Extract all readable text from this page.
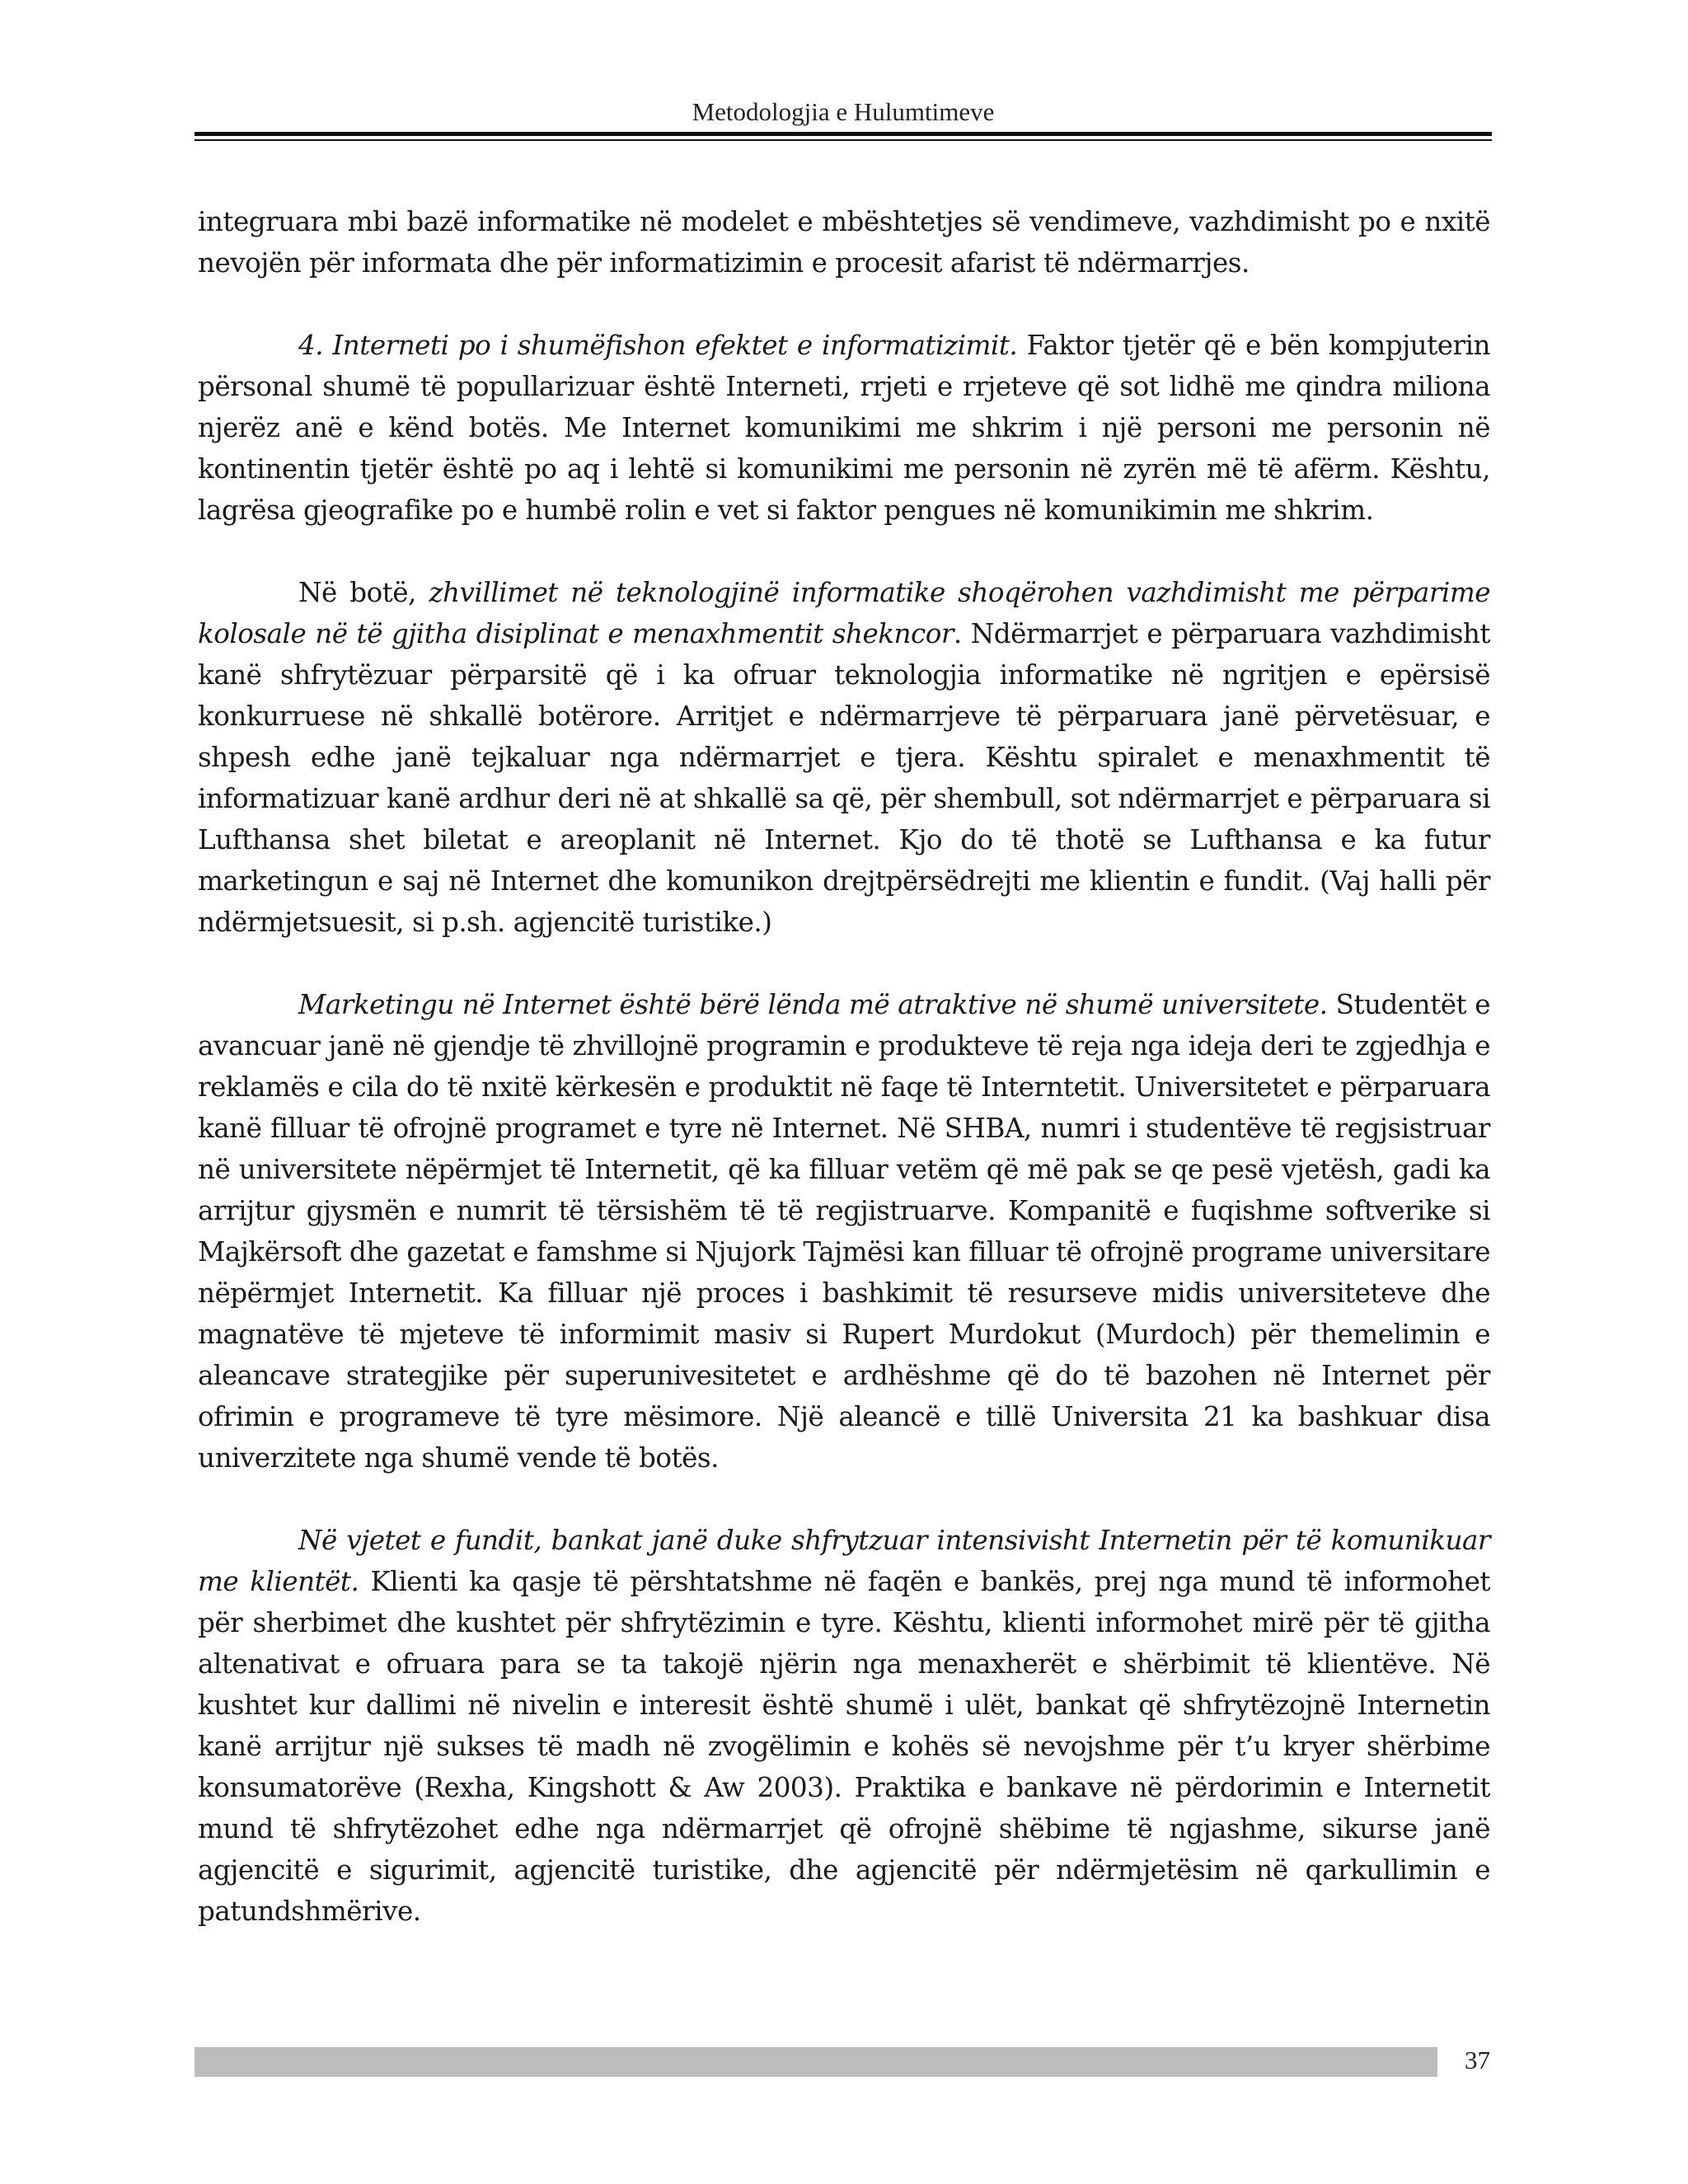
Metodologjia e Hulumtimeve

integruara mbi bazë informatike në modelet e mbështetjes së vendimeve, vazhdimisht po e nxitë nevojën për informata dhe për informatizimin e procesit afarist të ndërmarrjes.

4. Interneti po i shumëfishon efektet e informatizimit. Faktor tjetër që e bën kompjuterin përsonal shumë të popullarizuar është Interneti, rrjeti e rrjeteve që sot lidhë me qindra miliona njerëz anë e kënd botës. Me Internet komunikimi me shkrim i një personi me personin në kontinentin tjetër është po aq i lehtë si komunikimi me personin në zyrën më të afërm. Kështu, lagrësa gjeografike po e humbë rolin e vet si faktor pengues në komunikimin me shkrim.

Në botë, zhvillimet në teknologjinë informatike shoqërohen vazhdimisht me përparime kolosale në të gjitha disiplinat e menaxhmentit shekncor. Ndërmarrjet e përparuara vazhdimisht kanë shfrytëzuar përparsitë që i ka ofruar teknologjia informatike në ngritjen e epërsisë konkurruese në shkallë botërore. Arritjet e ndërmarrjeve të përparuara janë përvetësuar, e shpesh edhe janë tejkaluar nga ndërmarrjet e tjera. Kështu spiralet e menaxhmentit të informatizuar kanë ardhur deri në at shkallë sa që, për shembull, sot ndërmarrjet e përparuara si Lufthansa shet biletat e areoplanit në Internet. Kjo do të thotë se Lufthansa e ka futur marketingun e saj në Internet dhe komunikon drejtpërsëdrejti me klientin e fundit. (Vaj halli për ndërmjetsuesit, si p.sh. agjencitë turistike.)

Marketingu në Internet është bërë lënda më atraktive në shumë universitete. Studentët e avancuar janë në gjendje të zhvillojnë programin e produkteve të reja nga ideja deri te zgjedhja e reklamës e cila do të nxitë kërkesën e produktit në faqe të Interntetit. Universitetet e përparuara kanë filluar të ofrojnë programet e tyre në Internet. Në SHBA, numri i studentëve të regjsistruar në universitete nëpërmjet të Internetit, që ka filluar vetëm që më pak se qe pesë vjetësh, gadi ka arrijtur gjysmën e numrit të tërsishëm të të regjistruarve. Kompanitë e fuqishme softverike si Majkërsoft dhe gazetat e famshme si Njujork Tajmësi kan filluar të ofrojnë programe universitare nëpërmjet Internetit. Ka filluar një proces i bashkimit të resurseve midis universiteteve dhe magnatëve të mjeteve të informimit masiv si Rupert Murdokut (Murdoch) për themelimin e aleancave strategjike për superunivesitetet e ardhëshme që do të bazohen në Internet për ofrimin e programeve të tyre mësimore. Një aleancë e tillë Universita 21 ka bashkuar disa univerzitete nga shumë vende të botës.

Në vjetet e fundit, bankat janë duke shfrytzuar intensivisht Internetin për të komunikuar me klientët. Klienti ka qasje të përshtatshme në faqën e bankës, prej nga mund të informohet për sherbimet dhe kushtet për shfrytëzimin e tyre. Kështu, klienti informohet mirë për të gjitha altenativat e ofruara para se ta takojë njërin nga menaxherët e shërbimit të klientëve. Në kushtet kur dallimi në nivelin e interesit është shumë i ulët, bankat që shfrytëzojnë Internetin kanë arrijtur një sukses të madh në zvogëlimin e kohës së nevojshme për t’u kryer shërbime konsumatorëve (Rexha, Kingshott & Aw 2003). Praktika e bankave në përdorimin e Internetit mund të shfrytëzohet edhe nga ndërmarrjet që ofrojnë shëbime të ngjashme, sikurse janë agjencitë e sigurimit, agjencitë turistike, dhe agjencitë për ndërmjetësim në qarkullimin e patundshmërive.

37
